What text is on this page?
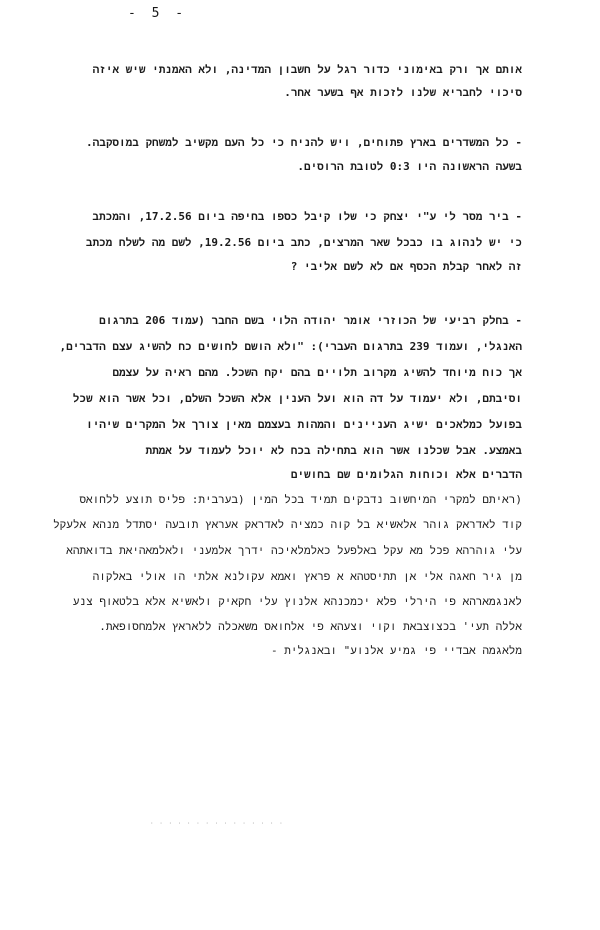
- 5 -
אותם אך ורק באימוני כדור רגל על חשבון המדינה, ולא האמנתי שיש איזה
סיכוי לחבריא שלנו לזכות אף בשער אחר.
- כל המשדרים בארץ פתוחים, ויש להניח כי כל העם מקשיב למשחק במוסקבה.
בשעה הראשונה היו 0:3 לטובת הרוסים.
- ביר מסר לי ע"י יצחק כי שלו קיבל כספו בחיפה ביום 17.2.56, והמכתב
כי יש לנהוג בו כבכל שאר המרצים, כתב ביום 19.2.56, לשם מה לשלח מכתב
זה לאחר קבלת הכסף אם לא לשם אליבי ?
- בחלק רביעי של הכוזרי אומר יהודה הלוי בשם החבר (עמוד 206 בתרגום
האנגלי, ועמוד 239 בתרגום העברי): "ולא הושם לחושים כח להשיג עצם הדברים,
אך כוח מיוחד להשיג מקרוב תלויים בהם יקח השכל. מהם ראיה על עצמם
וסיבתם, ולא יעמוד על דה הוא ועל הענין אלא השכל השלם, וכל אשר הוא שכל
בפועל כמלאכים ישיג העניינים והמהות בעצמם מאין צורך אל המקרים שיהיו
באמצע. אבל שכלנו אשר הוא בתחילה בכח לא יוכל לעמוד על אמתת
הדברים אלא וכוחות הגלומים שם בחושים
(ראיתם למקרי המיחשוב נדבקים תמיד בכל המין (בערבית: פליס תוצע ללחואס
קוד לאדראק גוהר אלאשיא בל קוה כמציה לאדראק אעראץ תובעה יסתדל מנהא אלעקל
עלי גוהרהא פכל מא עקל באלפעל כאלמלאיכה ידרך אלמעני ולאלמאהיאת בדואתהא
מן גיר חאגה אלי אן תתיסטהא א פראץ ואמא עקולנא אלתי הו אולי באלקוה
לאנגמארהא פי הירלי פלא יכמכנהא אלנוץ עלי חקאיק ולאשיא אלא בלטאוף צנע
אללה תעי' בכצוצבאת וקוי וצעהא פי אלחואס משאכלה ללאראץ אלמחסופאת.
מלאגמה אבדיי פי גמיע אלנוע" ובאנגלית -
· · · · · · · · · · · · · · ·
